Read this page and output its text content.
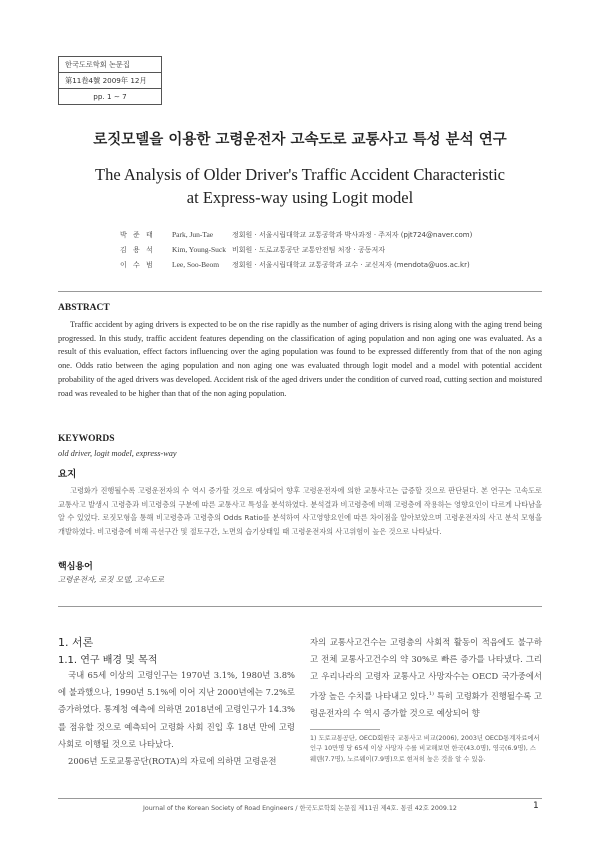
한국도로학회 논문집
第11卷4號 2009年 12月
pp. 1 ∼ 7
로짓모델을 이용한 고령운전자 고속도로 교통사고 특성 분석 연구
The Analysis of Older Driver's Traffic Accident Characteristic
at Express-way using Logit model
박 준 태 Park, Jun-Tae	정회원 · 서울시립대학교 교통공학과 박사과정 · 주저자 (pjt724@naver.com)
김 용 석 Kim, Young-Suck 비회원 · 도로교통공단 교통안전팀 처장 · 공동저자
이 수 범 Lee, Soo-Beom 정회원 · 서울시립대학교 교통공학과 교수 · 교신저자 (mendota@uos.ac.kr)
ABSTRACT
Traffic accident by aging drivers is expected to be on the rise rapidly as the number of aging drivers is rising along with the aging trend being progressed. In this study, traffic accident features depending on the classification of aging population and non aging one was evaluated. As a result of this evaluation, effect factors influencing over the aging population was found to be expressed differently from that of the non aging one. Odds ratio between the aging population and non aging one was evaluated through logit model and a model with potential accident probability of the aged drivers was developed. Accident risk of the aged drivers under the condition of curved road, cutting section and moistured road was revealed to be higher than that of the non aging population.
KEYWORDS
old driver, logit model, express-way
요지
고령화가 진행될수록 고령운전자의 수 역시 증가할 것으로 예상되어 향후 고령운전자에 의한 교통사고는 급증할 것으로 판단된다. 본 연구는 고속도로 교통사고 발생시 고령층과 비고령층의 구분에 따른 교통사고 특성을 분석하였다. 분석결과 비고령층에 비해 고령층에 작용하는 영향요인이 다르게 나타남을 알 수 있었다. 로짓모형을 통해 비고령층과 고령층의 Odds Ratio를 분석하여 사고영향요인에 따른 차이점을 알아보았으며 고령운전자의 사고 분석 모형을 개발하였다. 비고령층에 비해 곡선구간 및 절토구간, 노면의 습기상태일 때 고령운전자의 사고위험이 높은 것으로 나타났다.
핵심용어
고령운전자, 로짓 모델, 고속도로
1. 서론
1.1. 연구 배경 및 목적

국내 65세 이상의 고령인구는 1970년 3.1%, 1980년 3.8%에 불과했으나, 1990년 5.1%에 이어 지난 2000년에는 7.2%로 증가하였다. 통계청 예측에 의하면 2018년에 고령인구가 14.3%를 점유할 것으로 예측되어 고령화 사회 진입 후 18년 만에 고령사회로 이행될 것으로 나타났다.

2006년 도로교통공단(ROTA)의 자료에 의하면 고령운전

자의 교통사고건수는 고령층의 사회적 활동이 적음에도 불구하고 전체 교통사고건수의 약 30%로 빠른 증가를 나타냈다. 그리고 우리나라의 고령자 교통사고 사망자수는 OECD 국가중에서 가장 높은 수치를 나타내고 있다.$^{1)}$ 특히 고령화가 진행될수록 고령운전자의 수 역시 증가할 것으로 예상되어 향

1) 도로교통공단, OECD회원국 교통사고 비교(2006), 2003년 OECD통계자료에서 인구 10만명 당 65세 이상 사망자 수를 비교해보면 한국(43.0명), 영국(6.9명), 스웨덴(7.7명), 노르웨이(7.9명)으로 현저히 높은 것을 알 수 있음.
Journal of the Korean Society of Road Engineers / 한국도로학회 논문집 제11권 제4호. 통권 42호 2009.12	1
